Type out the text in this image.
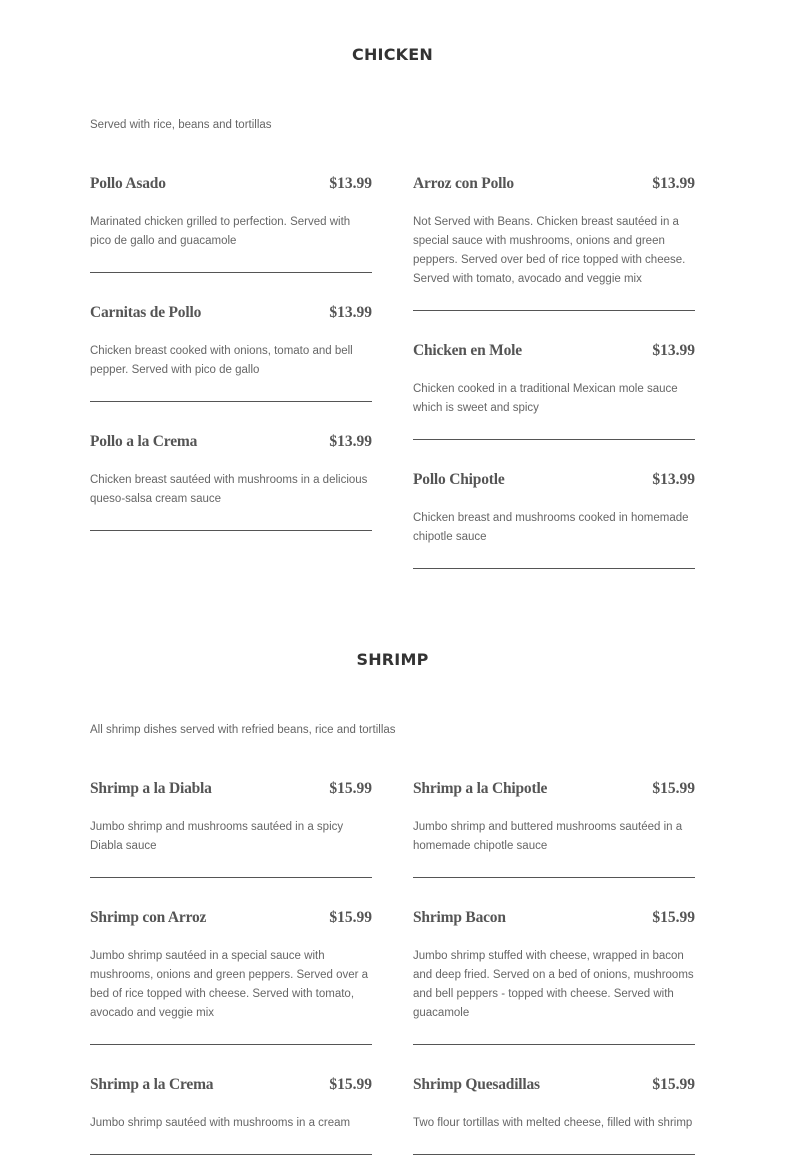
CHICKEN
Served with rice, beans and tortillas
Pollo Asado	$13.99
Marinated chicken grilled to perfection. Served with pico de gallo and guacamole
Arroz con Pollo	$13.99
Not Served with Beans. Chicken breast sautéed in a special sauce with mushrooms, onions and green peppers. Served over bed of rice topped with cheese. Served with tomato, avocado and veggie mix
Carnitas de Pollo	$13.99
Chicken breast cooked with onions, tomato and bell pepper. Served with pico de gallo
Chicken en Mole	$13.99
Chicken cooked in a traditional Mexican mole sauce which is sweet and spicy
Pollo a la Crema	$13.99
Chicken breast sautéed with mushrooms in a delicious queso-salsa cream sauce
Pollo Chipotle	$13.99
Chicken breast and mushrooms cooked in homemade chipotle sauce
SHRIMP
All shrimp dishes served with refried beans, rice and tortillas
Shrimp a la Diabla	$15.99
Jumbo shrimp and mushrooms sautéed in a spicy Diabla sauce
Shrimp a la Chipotle	$15.99
Jumbo shrimp and buttered mushrooms sautéed in a homemade chipotle sauce
Shrimp con Arroz	$15.99
Jumbo shrimp sautéed in a special sauce with mushrooms, onions and green peppers. Served over a bed of rice topped with cheese. Served with tomato, avocado and veggie mix
Shrimp Bacon	$15.99
Jumbo shrimp stuffed with cheese, wrapped in bacon and deep fried. Served on a bed of onions, mushrooms and bell peppers - topped with cheese. Served with guacamole
Shrimp a la Crema	$15.99
Jumbo shrimp sautéed with mushrooms in a cream
Shrimp Quesadillas	$15.99
Two flour tortillas with melted cheese, filled with shrimp
